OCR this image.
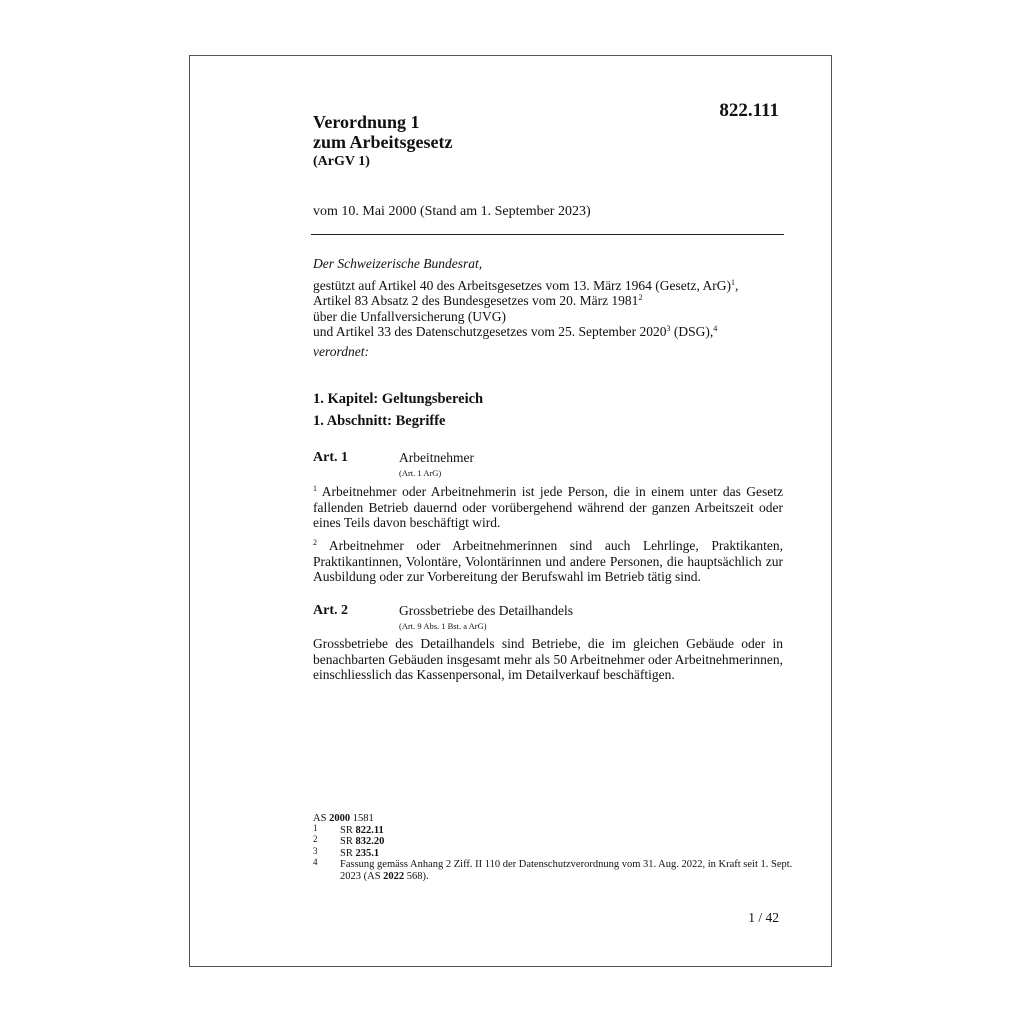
Verordnung 1
zum Arbeitsgesetz
(ArGV 1)
822.111
vom 10. Mai 2000 (Stand am 1. September 2023)
Der Schweizerische Bundesrat,
gestützt auf Artikel 40 des Arbeitsgesetzes vom 13. März 1964 (Gesetz, ArG)$^1$,
Artikel 83 Absatz 2 des Bundesgesetzes vom 20. März 1981$^2$
über die Unfallversicherung (UVG)
und Artikel 33 des Datenschutzgesetzes vom 25. September 2020$^3$ (DSG),$^4$
verordnet:
1. Kapitel: Geltungsbereich
1. Abschnitt: Begriffe
Art. 1	Arbeitnehmer
(Art. 1 ArG)
$^1$ Arbeitnehmer oder Arbeitnehmerin ist jede Person, die in einem unter das Gesetz fallenden Betrieb dauernd oder vorübergehend während der ganzen Arbeitszeit oder eines Teils davon beschäftigt wird.
$^2$ Arbeitnehmer oder Arbeitnehmerinnen sind auch Lehrlinge, Praktikanten, Praktikantinnen, Volontäre, Volontärinnen und andere Personen, die hauptsächlich zur Ausbildung oder zur Vorbereitung der Berufswahl im Betrieb tätig sind.
Art. 2	Grossbetriebe des Detailhandels
(Art. 9 Abs. 1 Bst. a ArG)
Grossbetriebe des Detailhandels sind Betriebe, die im gleichen Gebäude oder in benachbarten Gebäuden insgesamt mehr als 50 Arbeitnehmer oder Arbeitnehmerinnen, einschliesslich das Kassenpersonal, im Detailverkauf beschäftigen.
AS 2000 1581
1	SR 822.11
2	SR 832.20
3	SR 235.1
4	Fassung gemäss Anhang 2 Ziff. II 110 der Datenschutzverordnung vom 31. Aug. 2022, in Kraft seit 1. Sept. 2023 (AS 2022 568).
1 / 42
